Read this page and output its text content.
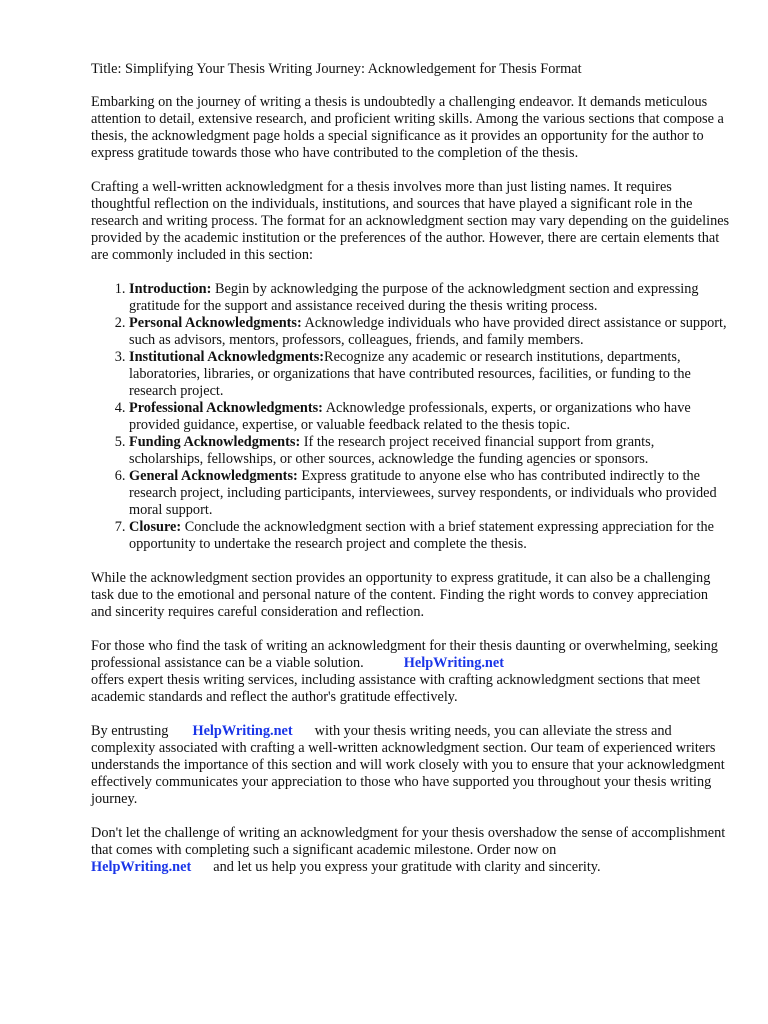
Title: Simplifying Your Thesis Writing Journey: Acknowledgement for Thesis Format

Embarking on the journey of writing a thesis is undoubtedly a challenging endeavor. It demands meticulous attention to detail, extensive research, and proficient writing skills. Among the various sections that compose a thesis, the acknowledgment page holds a special significance as it provides an opportunity for the author to express gratitude towards those who have contributed to the completion of the thesis.

Crafting a well-written acknowledgment for a thesis involves more than just listing names. It requires thoughtful reflection on the individuals, institutions, and sources that have played a significant role in the research and writing process. The format for an acknowledgment section may vary depending on the guidelines provided by the academic institution or the preferences of the author. However, there are certain elements that are commonly included in this section:

1. Introduction: Begin by acknowledging the purpose of the acknowledgment section and expressing gratitude for the support and assistance received during the thesis writing process.
2. Personal Acknowledgments: Acknowledge individuals who have provided direct assistance or support, such as advisors, mentors, professors, colleagues, friends, and family members.
3. Institutional Acknowledgments:Recognize any academic or research institutions, departments, laboratories, libraries, or organizations that have contributed resources, facilities, or funding to the research project.
4. Professional Acknowledgments: Acknowledge professionals, experts, or organizations who have provided guidance, expertise, or valuable feedback related to the thesis topic.
5. Funding Acknowledgments: If the research project received financial support from grants, scholarships, fellowships, or other sources, acknowledge the funding agencies or sponsors.
6. General Acknowledgments: Express gratitude to anyone else who has contributed indirectly to the research project, including participants, interviewees, survey respondents, or individuals who provided moral support.
7. Closure: Conclude the acknowledgment section with a brief statement expressing appreciation for the opportunity to undertake the research project and complete the thesis.

While the acknowledgment section provides an opportunity to express gratitude, it can also be a challenging task due to the emotional and personal nature of the content. Finding the right words to convey appreciation and sincerity requires careful consideration and reflection.

For those who find the task of writing an acknowledgment for their thesis daunting or overwhelming, seeking professional assistance can be a viable solution.	HelpWriting.net
offers expert thesis writing services, including assistance with crafting acknowledgment sections that meet academic standards and reflect the author's gratitude effectively.

By entrusting HelpWriting.net with your thesis writing needs, you can alleviate the stress and complexity associated with crafting a well-written acknowledgment section. Our team of experienced writers understands the importance of this section and will work closely with you to ensure that your acknowledgment effectively communicates your appreciation to those who have supported you throughout your thesis writing journey.

Don't let the challenge of writing an acknowledgment for your thesis overshadow the sense of accomplishment that comes with completing such a significant academic milestone. Order now on
HelpWriting.net and let us help you express your gratitude with clarity and sincerity.
